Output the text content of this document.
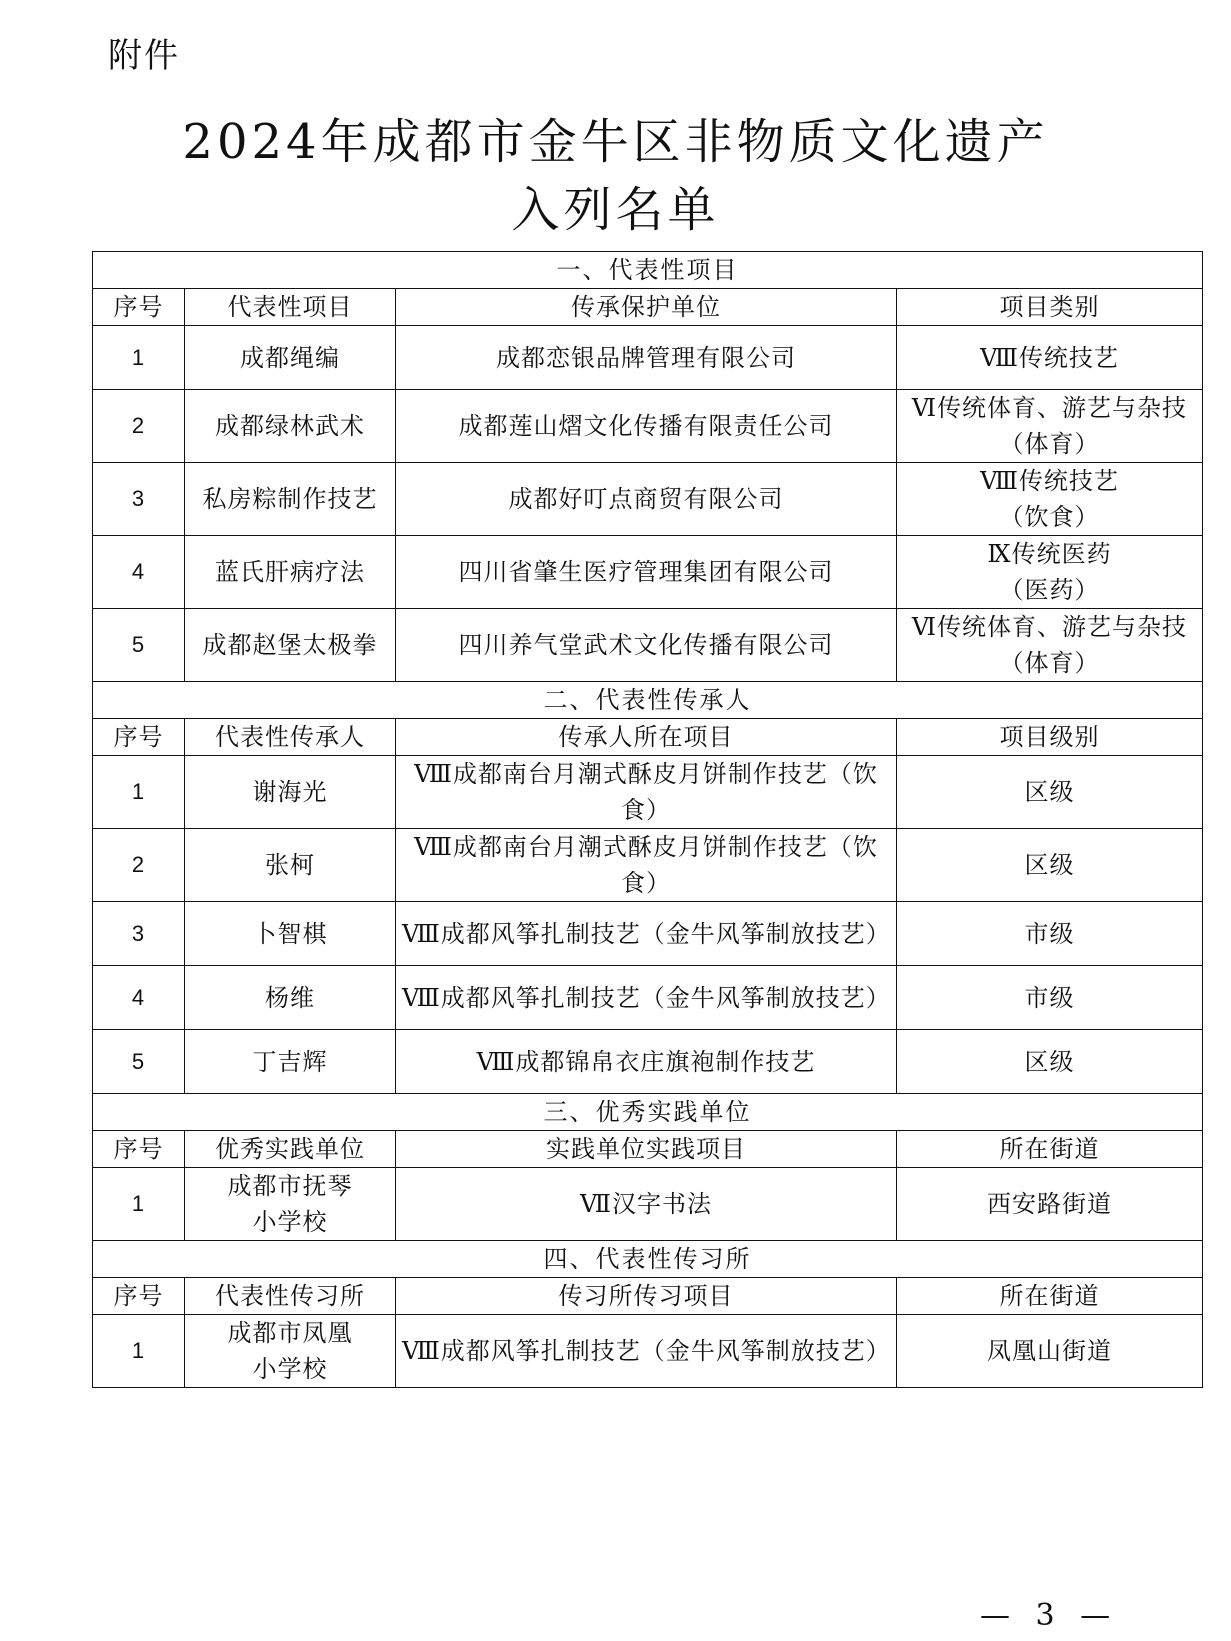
附件
2024年成都市金牛区非物质文化遗产
入列名单
一、代表性项目			
序号	代表性项目	传承保护单位	项目类别
1	成都绳编	成都恋银品牌管理有限公司	Ⅷ传统技艺

2	成都绿林武术	成都莲山熠文化传播有限责任公司	Ⅵ传统体育、游艺与杂技
（体育）

3	私房粽制作技艺	成都好叮点商贸有限公司	Ⅷ传统技艺
（饮食）

4	蓝氏肝病疗法	四川省肇生医疗管理集团有限公司	Ⅸ传统医药
（医药）

5	成都赵堡太极拳	四川养气堂武术文化传播有限公司	Ⅵ传统体育、游艺与杂技
（体育）

二、代表性传承人			
序号	代表性传承人	传承人所在项目	项目级别
1	谢海光	Ⅷ成都南台月潮式酥皮月饼制作技艺（饮食）	区级
2	张柯	Ⅷ成都南台月潮式酥皮月饼制作技艺（饮食）	区级
3	卜智棋	Ⅷ成都风筝扎制技艺（金牛风筝制放技艺）	市级
4	杨维	Ⅷ成都风筝扎制技艺（金牛风筝制放技艺）	市级
5	丁吉辉	Ⅷ成都锦帛衣庄旗袍制作技艺	区级
三、优秀实践单位			
序号	优秀实践单位	实践单位实践项目	所在街道
1	成都市抚琴
小学校	Ⅶ汉字书法	西安路街道
四、代表性传习所			
序号	代表性传习所	传习所传习项目	所在街道
1	成都市凤凰
小学校	Ⅷ成都风筝扎制技艺（金牛风筝制放技艺）	凤凰山街道
— 3 —
